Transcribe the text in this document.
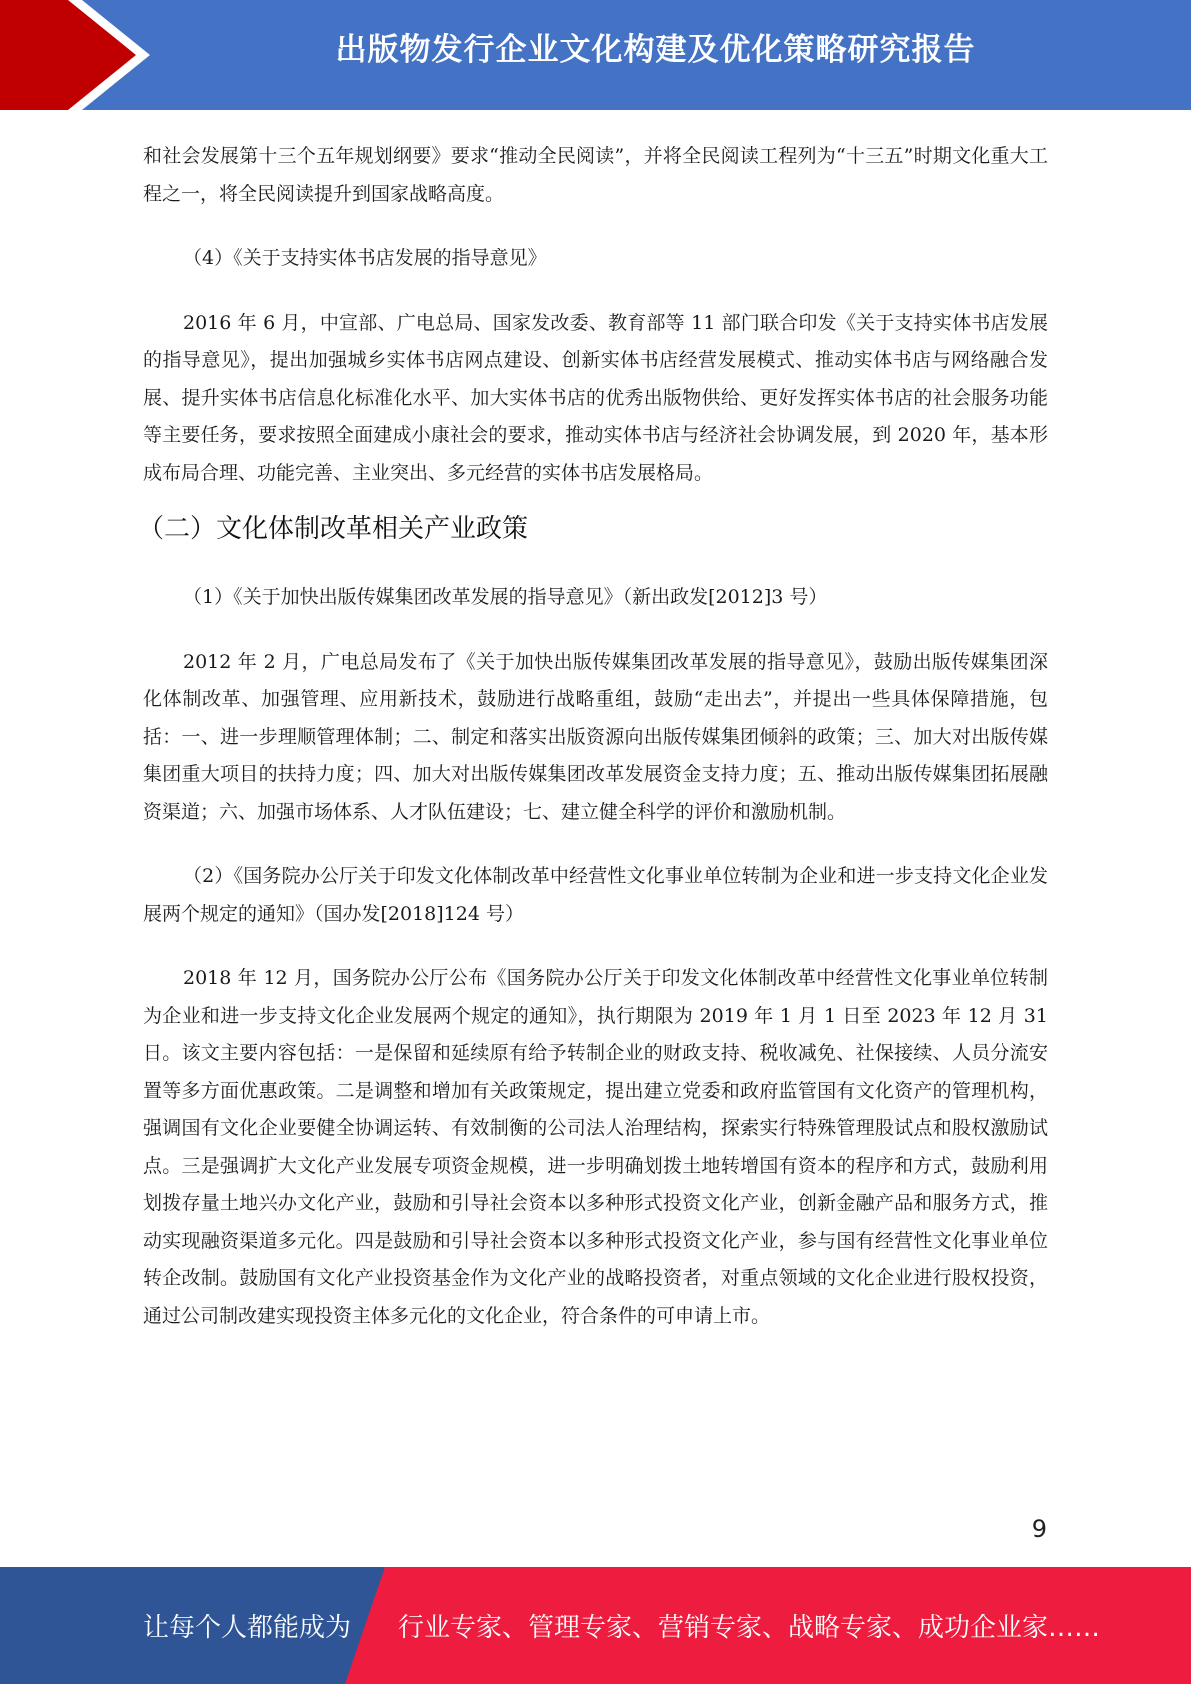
出版物发行企业文化构建及优化策略研究报告

和社会发展第十三个五年规划纲要》要求“推动全民阅读”，并将全民阅读工程列为“十三五”时期文化重大工程之一，将全民阅读提升到国家战略高度。

（4）《关于支持实体书店发展的指导意见》

2016 年 6 月，中宣部、广电总局、国家发改委、教育部等 11 部门联合印发《关于支持实体书店发展的指导意见》，提出加强城乡实体书店网点建设、创新实体书店经营发展模式、推动实体书店与网络融合发展、提升实体书店信息化标准化水平、加大实体书店的优秀出版物供给、更好发挥实体书店的社会服务功能等主要任务，要求按照全面建成小康社会的要求，推动实体书店与经济社会协调发展，到 2020 年，基本形成布局合理、功能完善、主业突出、多元经营的实体书店发展格局。

（二）文化体制改革相关产业政策

（1）《关于加快出版传媒集团改革发展的指导意见》（新出政发[2012]3 号）

2012 年 2 月，广电总局发布了《关于加快出版传媒集团改革发展的指导意见》，鼓励出版传媒集团深化体制改革、加强管理、应用新技术，鼓励进行战略重组，鼓励“走出去”，并提出一些具体保障措施，包括：一、进一步理顺管理体制；二、制定和落实出版资源向出版传媒集团倾斜的政策；三、加大对出版传媒集团重大项目的扶持力度；四、加大对出版传媒集团改革发展资金支持力度；五、推动出版传媒集团拓展融资渠道；六、加强市场体系、人才队伍建设；七、建立健全科学的评价和激励机制。

（2）《国务院办公厅关于印发文化体制改革中经营性文化事业单位转制为企业和进一步支持文化企业发展两个规定的通知》（国办发[2018]124 号）

2018 年 12 月，国务院办公厅公布《国务院办公厅关于印发文化体制改革中经营性文化事业单位转制为企业和进一步支持文化企业发展两个规定的通知》，执行期限为 2019 年 1 月 1 日至 2023 年 12 月 31 日。该文主要内容包括：一是保留和延续原有给予转制企业的财政支持、税收减免、社保接续、人员分流安置等多方面优惠政策。二是调整和增加有关政策规定，提出建立党委和政府监管国有文化资产的管理机构，强调国有文化企业要健全协调运转、有效制衡的公司法人治理结构，探索实行特殊管理股试点和股权激励试点。三是强调扩大文化产业发展专项资金规模，进一步明确划拨土地转增国有资本的程序和方式，鼓励利用划拨存量土地兴办文化产业，鼓励和引导社会资本以多种形式投资文化产业，创新金融产品和服务方式，推动实现融资渠道多元化。四是鼓励和引导社会资本以多种形式投资文化产业，参与国有经营性文化事业单位转企改制。鼓励国有文化产业投资基金作为文化产业的战略投资者，对重点领域的文化企业进行股权投资，通过公司制改建实现投资主体多元化的文化企业，符合条件的可申请上市。

9
让每个人都能成为 行业专家、管理专家、营销专家、战略专家、成功企业家……
